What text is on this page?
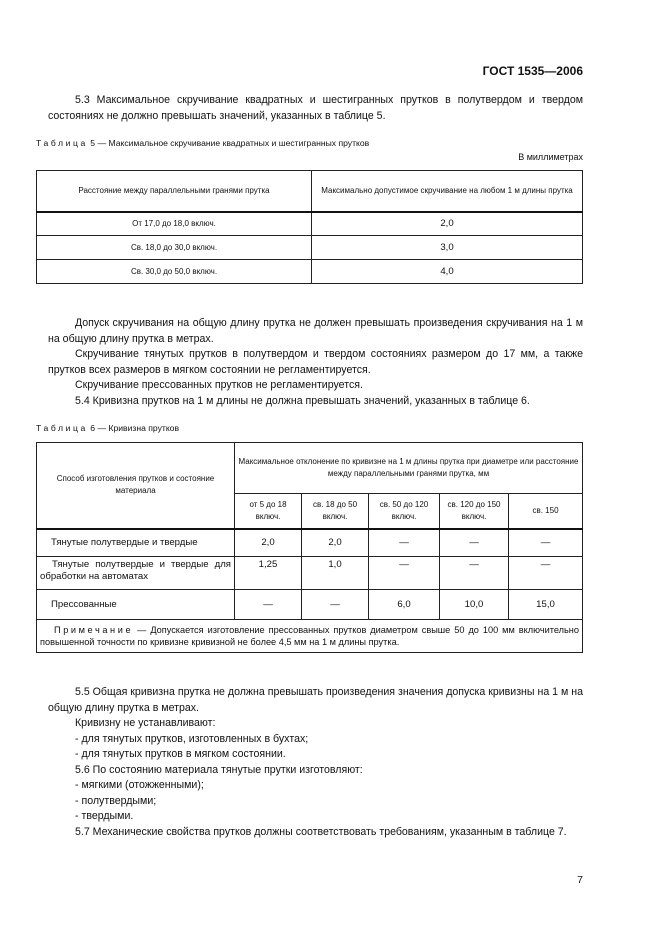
ГОСТ 1535—2006

5.3 Максимальное скручивание квадратных и шестигранных прутков в полутвердом и твердом состояниях не должно превышать значений, указанных в таблице 5.

Таблица 5 — Максимальное скручивание квадратных и шестигранных прутков
В миллиметрах
Расстояние между параллельными гранями прутка	Максимально допустимое скручивание на любом 1 м длины прутка
От 17,0 до 18,0 включ.	2,0
Св. 18,0 до 30,0 включ.	3,0
Св. 30,0 до 50,0 включ.	4,0

Допуск скручивания на общую длину прутка не должен превышать произведения скручивания на 1 м на общую длину прутка в метрах.

Скручивание тянутых прутков в полутвердом и твердом состояниях размером до 17 мм, а также прутков всех размеров в мягком состоянии не регламентируется.

Скручивание прессованных прутков не регламентируется.

5.4 Кривизна прутков на 1 м длины не должна превышать значений, указанных в таблице 6.

Таблица 6 — Кривизна прутков
Способ изготовления прутков и состояние материала	Максимальное отклонение по кривизне на 1 м длины прутка при диаметре или расстояние между параллельными гранями прутка, мм				
	от 5 до 18 включ.	св. 18 до 50 включ.	св. 50 до 120 включ.	св. 120 до 150 включ.	св. 150
Тянутые полутвердые и твердые	2,0	2,0	—	—	—
Тянутые полутвердые и твердые для обработки на автоматах	1,25	1,0	—	—	—
Прессованные	—	—	6,0	10,0	15,0
Примечание — Допускается изготовление прессованных прутков диаметром свыше 50 до 100 мм включительно повышенной точности по кривизне кривизной не более 4,5 мм на 1 м длины прутка.					

5.5 Общая кривизна прутка не должна превышать произведения значения допуска кривизны на 1 м на общую длину прутка в метрах.

Кривизну не устанавливают:

- для тянутых прутков, изготовленных в бухтах;

- для тянутых прутков в мягком состоянии.

5.6 По состоянию материала тянутые прутки изготовляют:

- мягкими (отожженными);

- полутвердыми;

- твердыми.

5.7 Механические свойства прутков должны соответствовать требованиям, указанным в таблице 7.

7
